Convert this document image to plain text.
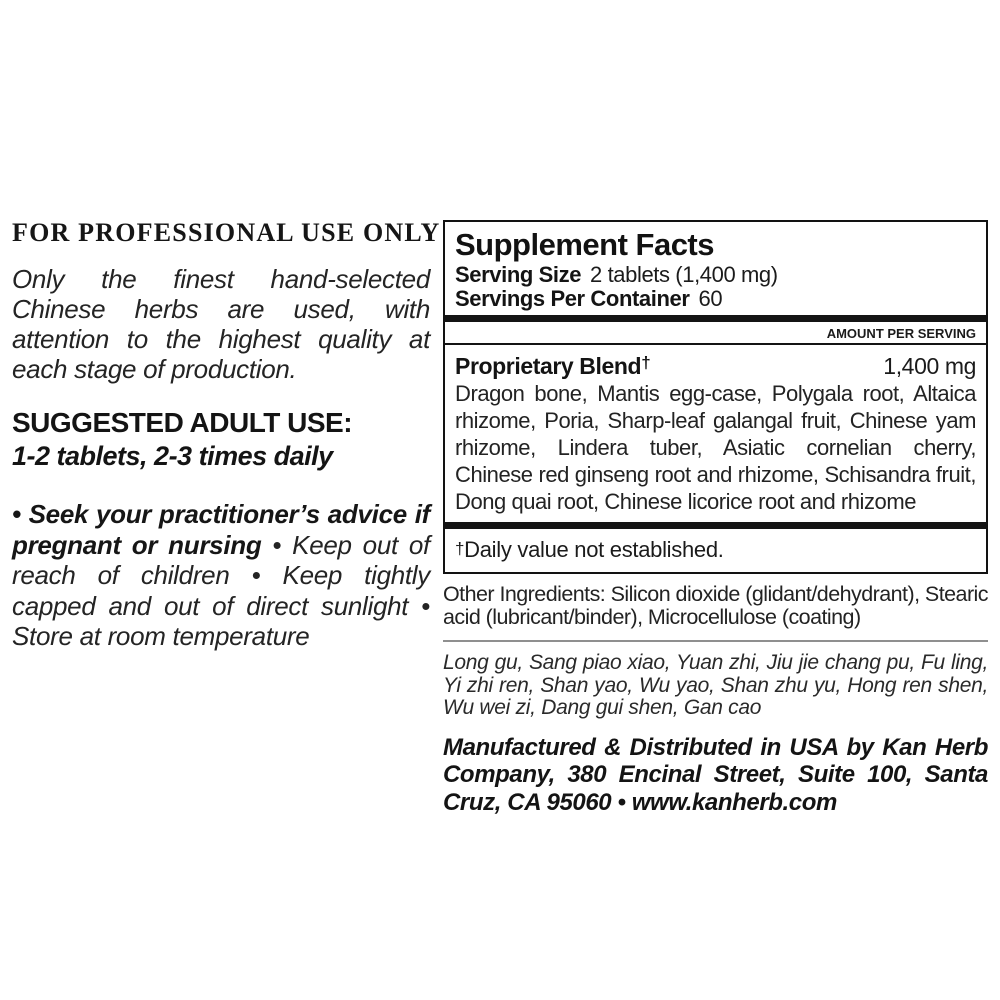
FOR PROFESSIONAL USE ONLY

Only the finest hand-selected Chinese herbs are used, with attention to the highest quality at each stage of production.

SUGGESTED ADULT USE:

1-2 tablets, 2-3 times daily

• Seek your practitioner’s advice if pregnant or nursing • Keep out of reach of children • Keep tightly capped and out of direct sunlight • Store at room temperature

Supplement Facts
Serving Size 2 tablets (1,400 mg)
Servings Per Container 60
AMOUNT PER SERVING
Proprietary Blend†	1,400 mg

Dragon bone, Mantis egg-case, Polygala root, Altaica rhizome, Poria, Sharp-leaf galangal fruit, Chinese yam rhizome, Lindera tuber, Asiatic cornelian cherry, Chinese red ginseng root and rhizome, Schisandra fruit, Dong quai root, Chinese licorice root and rhizome

†Daily value not established.

Other Ingredients: Silicon dioxide (glidant/dehydrant), Stearic acid (lubricant/binder), Microcellulose (coating)

Long gu, Sang piao xiao, Yuan zhi, Jiu jie chang pu, Fu ling, Yi zhi ren, Shan yao, Wu yao, Shan zhu yu, Hong ren shen, Wu wei zi, Dang gui shen, Gan cao

Manufactured & Distributed in USA by Kan Herb Company, 380 Encinal Street, Suite 100, Santa Cruz, CA 95060 • www.kanherb.com
